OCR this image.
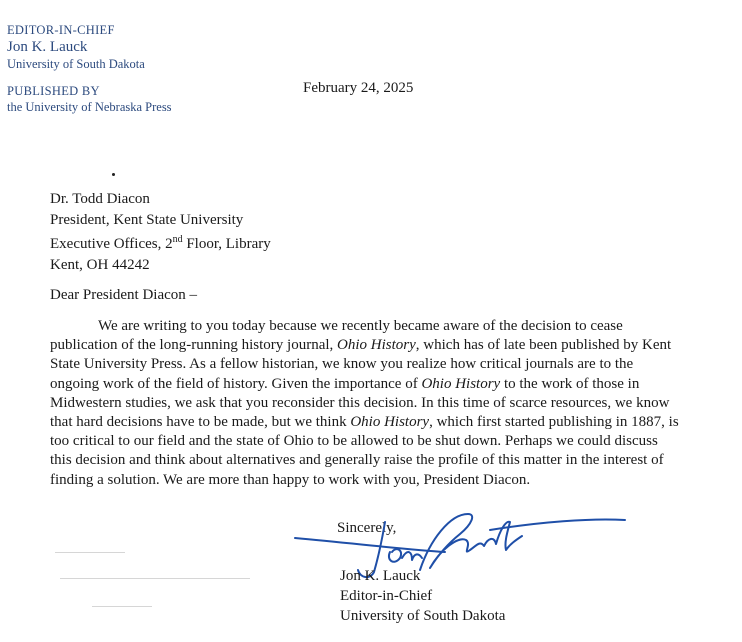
EDITOR-IN-CHIEF
Jon K. Lauck
University of South Dakota
PUBLISHED BY
the University of Nebraska Press
February 24, 2025
Dr. Todd Diacon
President, Kent State University
Executive Offices, 2nd Floor, Library
Kent, OH 44242
Dear President Diacon –

We are writing to you today because we recently became aware of the decision to cease publication of the long-running history journal, Ohio History, which has of late been published by Kent State University Press. As a fellow historian, we know you realize how critical journals are to the ongoing work of the field of history. Given the importance of Ohio History to the work of those in Midwestern studies, we ask that you reconsider this decision. In this time of scarce resources, we know that hard decisions have to be made, but we think Ohio History, which first started publishing in 1887, is too critical to our field and the state of Ohio to be allowed to be shut down. Perhaps we could discuss this decision and think about alternatives and generally raise the profile of this matter in the interest of finding a solution. We are more than happy to work with you, President Diacon.

Sincerely,
Jon K. Lauck
Editor-in-Chief
University of South Dakota
